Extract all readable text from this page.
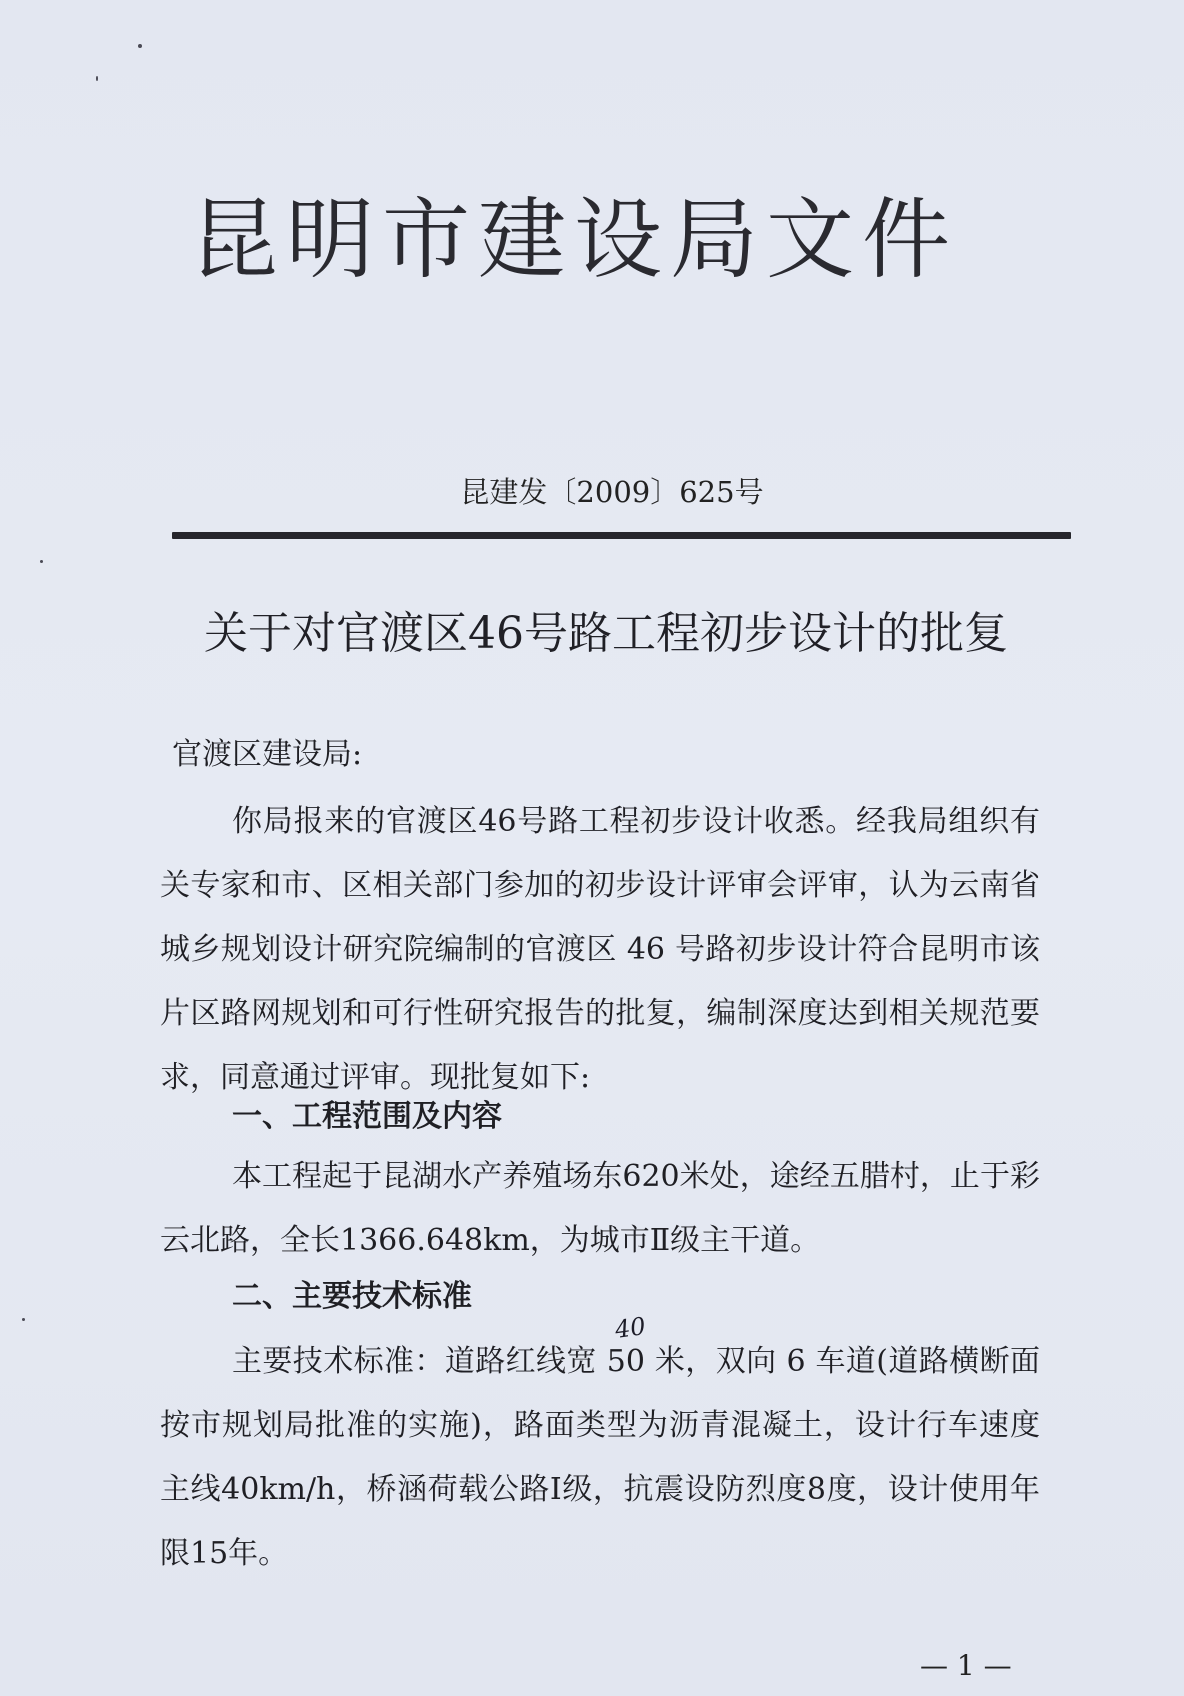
昆明市建设局文件
昆建发〔2009〕625号
关于对官渡区46号路工程初步设计的批复
官渡区建设局:
你局报来的官渡区46号路工程初步设计收悉。经我局组织有关专家和市、区相关部门参加的初步设计评审会评审，认为云南省城乡规划设计研究院编制的官渡区 46 号路初步设计符合昆明市该片区路网规划和可行性研究报告的批复，编制深度达到相关规范要求，同意通过评审。现批复如下:
一、工程范围及内容
本工程起于昆湖水产养殖场东620米处，途经五腊村，止于彩云北路，全长1366.648km，为城市Ⅱ级主干道。
二、主要技术标准
40
主要技术标准：道路红线宽 50 米，双向 6 车道(道路横断面按市规划局批准的实施)，路面类型为沥青混凝土，设计行车速度主线40km/h，桥涵荷载公路Ⅰ级，抗震设防烈度8度，设计使用年限15年。
— 1 —
